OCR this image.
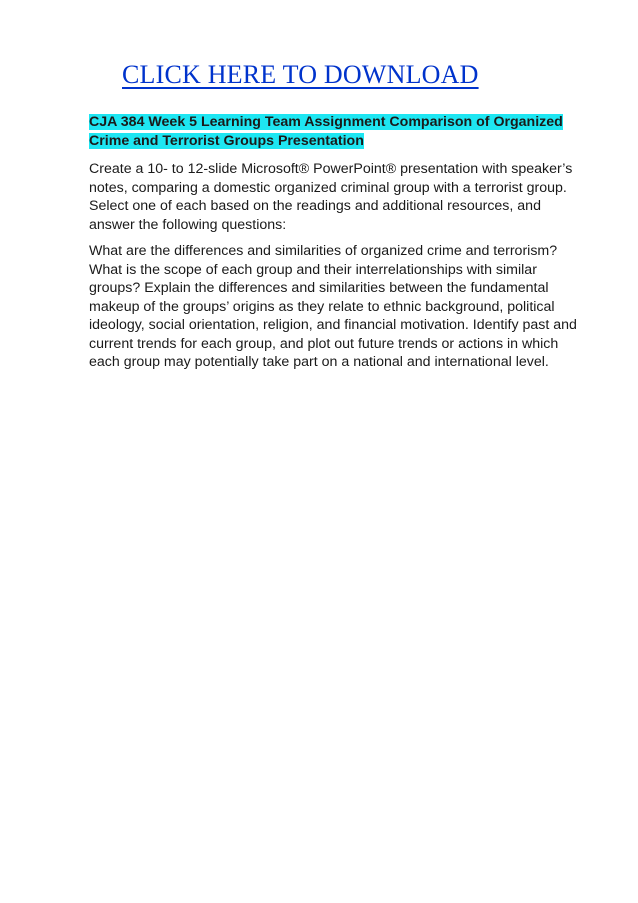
CLICK HERE TO DOWNLOAD
CJA 384 Week 5 Learning Team Assignment Comparison of Organized
Crime and Terrorist Groups Presentation
Create a 10- to 12-slide Microsoft® PowerPoint® presentation with speaker’s
notes, comparing a domestic organized criminal group with a terrorist group.
Select one of each based on the readings and additional resources, and
answer the following questions:
What are the differences and similarities of organized crime and terrorism?
What is the scope of each group and their interrelationships with similar
groups? Explain the differences and similarities between the fundamental
makeup of the groups’ origins as they relate to ethnic background, political
ideology, social orientation, religion, and financial motivation. Identify past and
current trends for each group, and plot out future trends or actions in which
each group may potentially take part on a national and international level.
